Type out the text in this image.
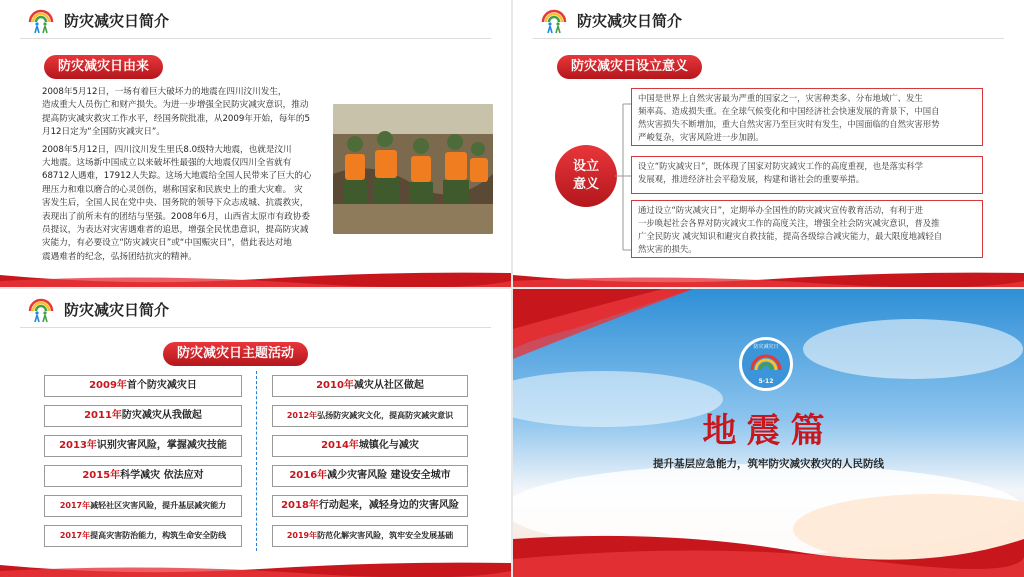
防灾减灾日简介
防灾减灾日由来
2008年5月12日，一场有着巨大破坏力的地震在四川汶川发生，
造成重大人员伤亡和财产损失。为进一步增强全民防灾减灾意识，推动
提高防灾减灾救灾工作水平，经国务院批准，从2009年开始，每年的5
月12日定为“全国防灾减灾日”。
2008年5月12日，四川汶川发生里氏8.0级特大地震，也就是汶川
大地震。这场新中国成立以来破坏性最强的大地震仅四川全省就有
68712人遇难，17912人失踪。这场大地震给全国人民带来了巨大的心
理压力和难以磨合的心灵创伤，堪称国家和民族史上的重大灾难。 灾
害发生后，全国人民在党中央、国务院的领导下众志成城、抗震救灾，
表现出了前所未有的团结与坚强。2008年6月，山西省太原市有政协委
员提议，为表达对灾害遇难者的追思，增强全民忧患意识，提高防灾减
灾能力，有必要设立“防灾减灾日”或“中国赈灾日”，借此表达对地
震遇难者的纪念，弘扬团结抗灾的精神。
防灾减灾日简介
防灾减灾日设立意义
设立
意义
中国是世界上自然灾害最为严重的国家之一，灾害种类多、分布地域广、发生
频率高、造成损失重。在全球气候变化和中国经济社会快速发展的背景下，中国自
然灾害损失不断增加，重大自然灾害乃至巨灾时有发生，中国面临的自然灾害形势
严峻复杂，灾害风险进一步加剧。
设立“防灾减灾日”，既体现了国家对防灾减灾工作的高度重视，也是落实科学
发展观，推进经济社会平稳发展，构建和谐社会的重要举措。
通过设立“防灾减灾日”，定期举办全国性的防灾减灾宣传教育活动，有利于进
一步唤起社会各界对防灾减灾工作的高度关注，增强全社会防灾减灾意识，普及推
广全民防灾 减灾知识和避灾自救技能，提高各级综合减灾能力，最大限度地减轻自
然灾害的损失。
防灾减灾日简介
防灾减灾日主题活动
2009年首个防灾减灾日
2011年防灾减灾从我做起
2013年识别灾害风险，掌握减灾技能
2015年科学减灾 依法应对
2017年减轻社区灾害风险，提升基层减灾能力
2017年提高灾害防治能力，构筑生命安全防线
2010年减灾从社区做起
2012年弘扬防灾减灾文化，提高防灾减灾意识
2014年城镇化与减灾
2016年减少灾害风险 建设安全城市
2018年行动起来，减轻身边的灾害风险
2019年防范化解灾害风险，筑牢安全发展基础
防灾减灾日
5·12
地震篇
提升基层应急能力，筑牢防灾减灾救灾的人民防线
